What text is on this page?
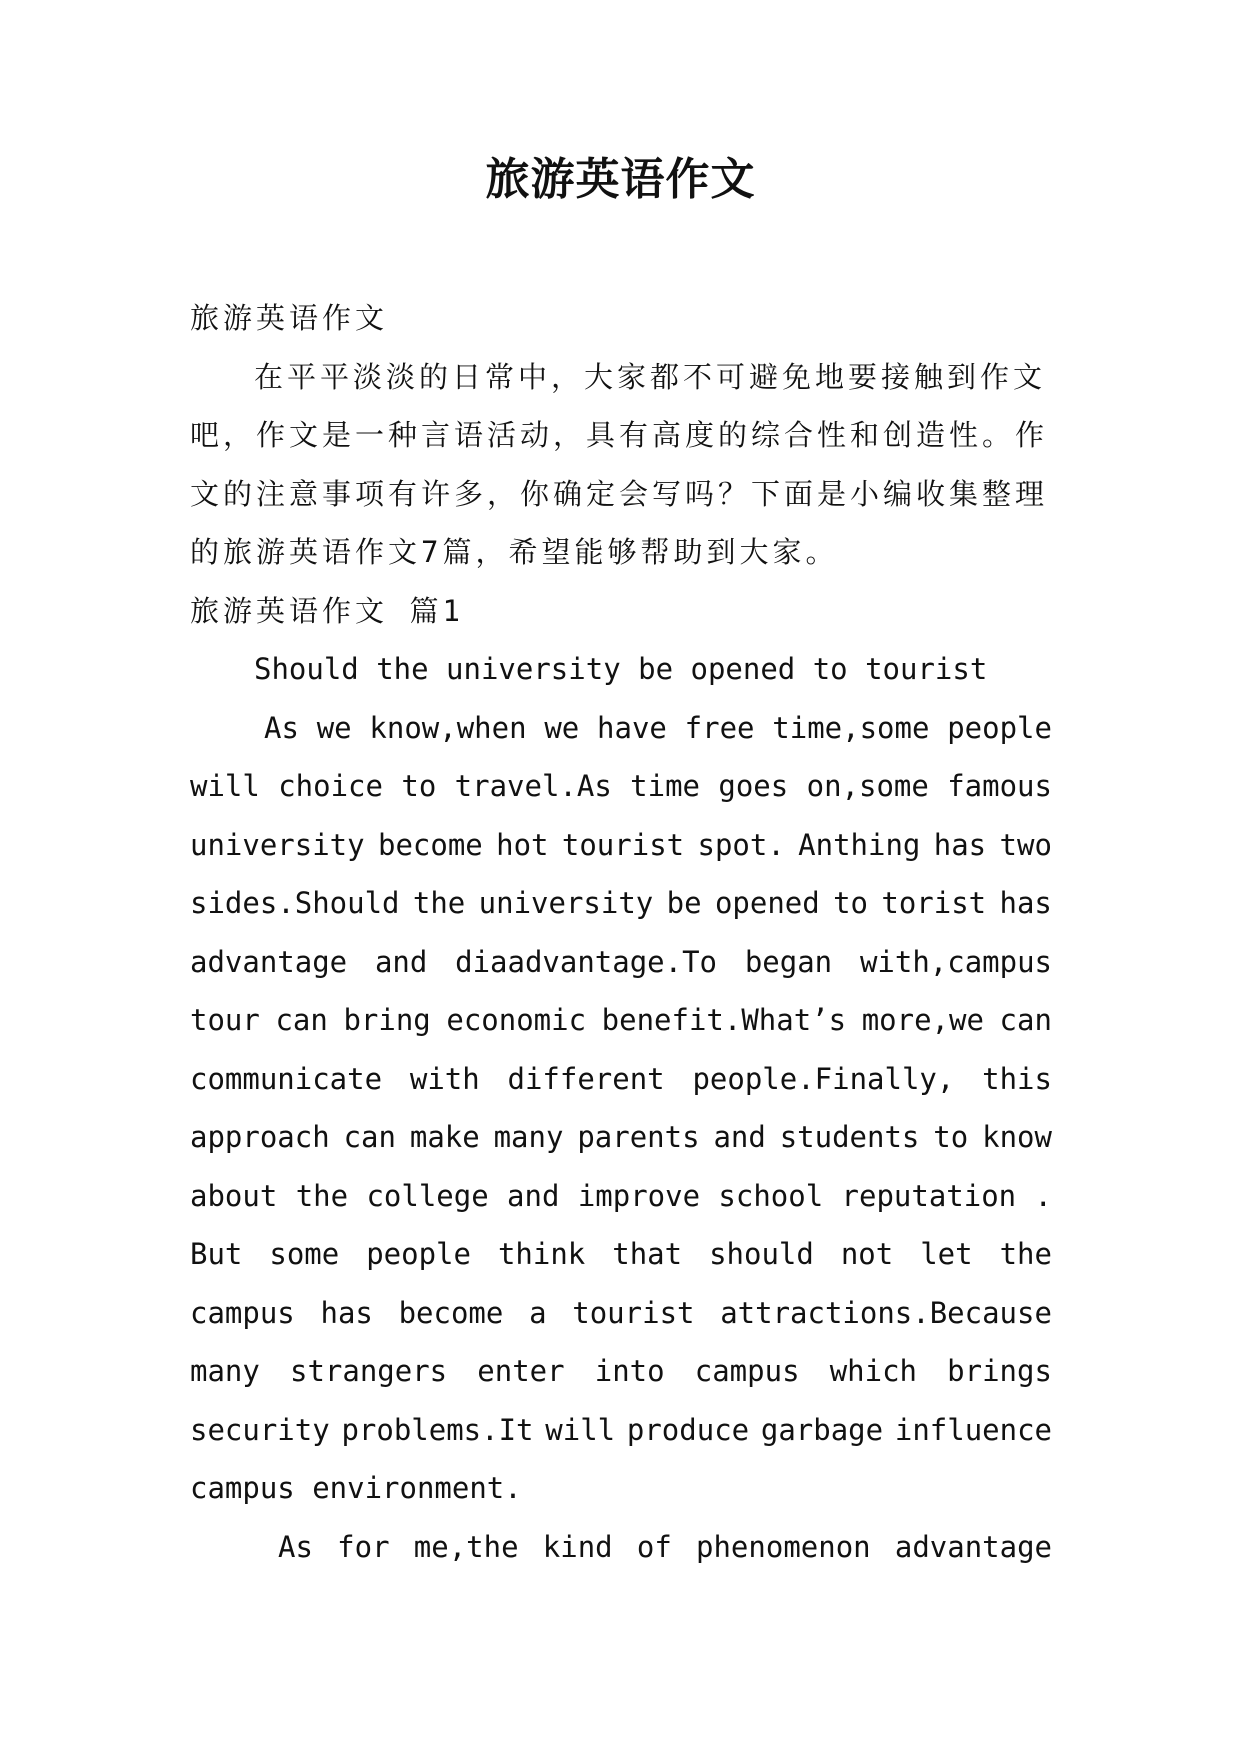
旅游英语作文
旅游英语作文
在平平淡淡的日常中，大家都不可避免地要接触到作文
吧，作文是一种言语活动，具有高度的综合性和创造性。作
文的注意事项有许多，你确定会写吗？下面是小编收集整理
的旅游英语作文7篇，希望能够帮助到大家。
旅游英语作文 篇1
Should the university be opened to tourist
As we know,when we have free time,some people
will choice to travel.As time goes on,some famous
university become hot tourist spot. Anthing has two
sides.Should the university be opened to torist has
advantage and diaadvantage.To began with,campus
tour can bring economic benefit.What’s more,we can
communicate with different people.Finally, this
approach can make many parents and students to know
about the college and improve school reputation .
But some people think that should not let the
campus has become a tourist attractions.Because
many strangers enter into campus which brings
security problems.It will produce garbage influence
campus environment.
As for me,the kind of phenomenon advantage
